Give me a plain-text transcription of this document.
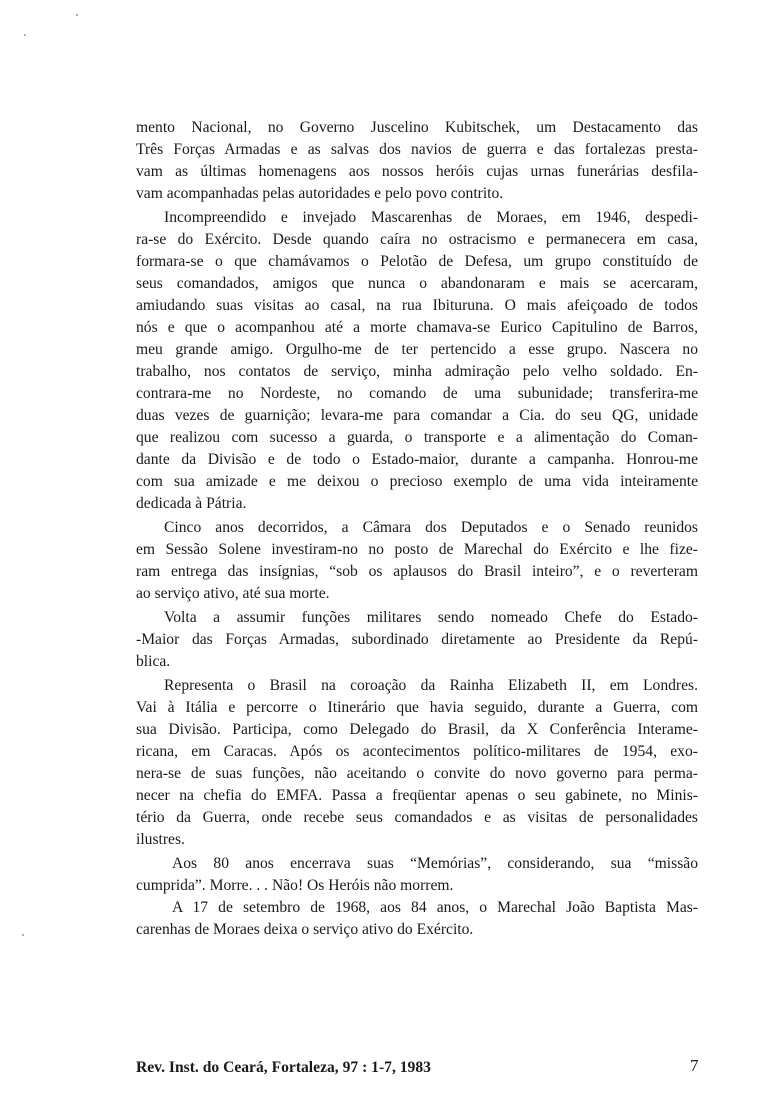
mento Nacional, no Governo Juscelino Kubitschek, um Destacamento das
Três Forças Armadas e as salvas dos navios de guerra e das fortalezas presta-
vam as últimas homenagens aos nossos heróis cujas urnas funerárias desfila-
vam acompanhadas pelas autoridades e pelo povo contrito.
Incompreendido e invejado Mascarenhas de Moraes, em 1946, despedi-
ra-se do Exército. Desde quando caíra no ostracismo e permanecera em casa,
formara-se o que chamávamos o Pelotão de Defesa, um grupo constituído de
seus comandados, amigos que nunca o abandonaram e mais se acercaram,
amiudando suas visitas ao casal, na rua Ibituruna. O mais afeiçoado de todos
nós e que o acompanhou até a morte chamava-se Eurico Capitulino de Barros,
meu grande amigo. Orgulho-me de ter pertencido a esse grupo. Nascera no
trabalho, nos contatos de serviço, minha admiração pelo velho soldado. En-
contrara-me no Nordeste, no comando de uma subunidade; transferira-me
duas vezes de guarnição; levara-me para comandar a Cia. do seu QG, unidade
que realizou com sucesso a guarda, o transporte e a alimentação do Coman-
dante da Divisão e de todo o Estado-maior, durante a campanha. Honrou-me
com sua amizade e me deixou o precioso exemplo de uma vida inteiramente
dedicada à Pátria.
Cinco anos decorridos, a Câmara dos Deputados e o Senado reunidos
em Sessão Solene investiram-no no posto de Marechal do Exército e lhe fize-
ram entrega das insígnias, “sob os aplausos do Brasil inteiro”, e o reverteram
ao serviço ativo, até sua morte.
Volta a assumir funções militares sendo nomeado Chefe do Estado-
-Maior das Forças Armadas, subordinado diretamente ao Presidente da Repú-
blica.
Representa o Brasil na coroação da Rainha Elizabeth II, em Londres.
Vai à Itália e percorre o Itinerário que havia seguido, durante a Guerra, com
sua Divisão. Participa, como Delegado do Brasil, da X Conferência Interame-
ricana, em Caracas. Após os acontecimentos político-militares de 1954, exo-
nera-se de suas funções, não aceitando o convite do novo governo para perma-
necer na chefia do EMFA. Passa a freqüentar apenas o seu gabinete, no Minis-
tério da Guerra, onde recebe seus comandados e as visitas de personalidades
ilustres.
Aos 80 anos encerrava suas “Memórias”, considerando, sua “missão
cumprida”. Morre. . . Não! Os Heróis não morrem.
A 17 de setembro de 1968, aos 84 anos, o Marechal João Baptista Mas-
carenhas de Moraes deixa o serviço ativo do Exército.
Rev. Inst. do Ceará, Fortaleza, 97 : 1-7, 1983	7
